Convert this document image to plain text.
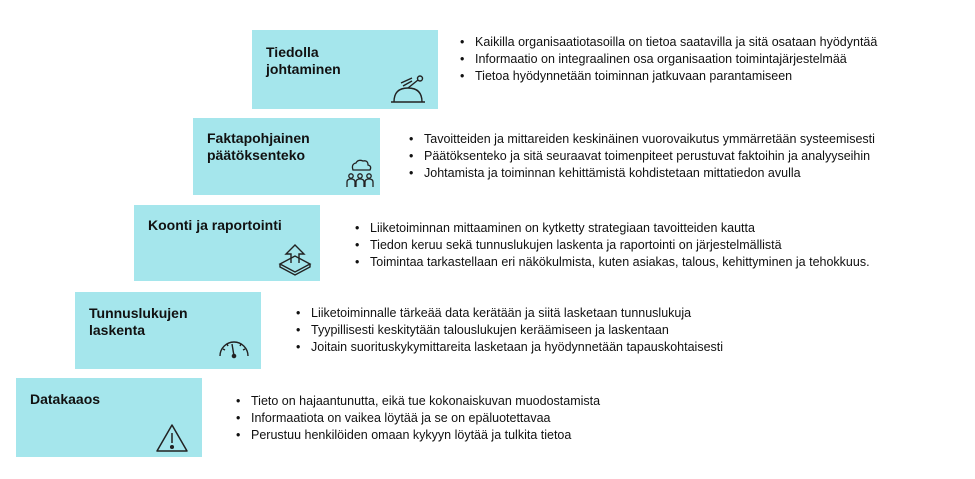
Tiedolla
johtaminen
• Kaikilla organisaatiotasoilla on tietoa saatavilla ja sitä osataan hyödyntää
• Informaatio on integraalinen osa organisaation toimintajärjestelmää
• Tietoa hyödynnetään toiminnan jatkuvaan parantamiseen
Faktapohjainen
päätöksenteko
• Tavoitteiden ja mittareiden keskinäinen vuorovaikutus ymmärretään systeemisesti
• Päätöksenteko ja sitä seuraavat toimenpiteet perustuvat faktoihin ja analyyseihin
• Johtamista ja toiminnan kehittämistä kohdistetaan mittatiedon avulla
Koonti ja raportointi	• Liiketoiminnan mittaaminen on kytketty strategiaan tavoitteiden kautta
• Tiedon keruu sekä tunnuslukujen laskenta ja raportointi on järjestelmällistä
• Toimintaa tarkastellaan eri näkökulmista, kuten asiakas, talous, kehittyminen ja tehokkuus.
Tunnuslukujen
laskenta
• Liiketoiminnalle tärkeää data kerätään ja siitä lasketaan tunnuslukuja
• Tyypillisesti keskitytään talouslukujen keräämiseen ja laskentaan
• Joitain suorituskykymittareita lasketaan ja hyödynnetään tapauskohtaisesti
Datakaaos	• Tieto on hajaantunutta, eikä tue kokonaiskuvan muodostamista
• Informaatiota on vaikea löytää ja se on epäluotettavaa
• Perustuu henkilöiden omaan kykyyn löytää ja tulkita tietoa
